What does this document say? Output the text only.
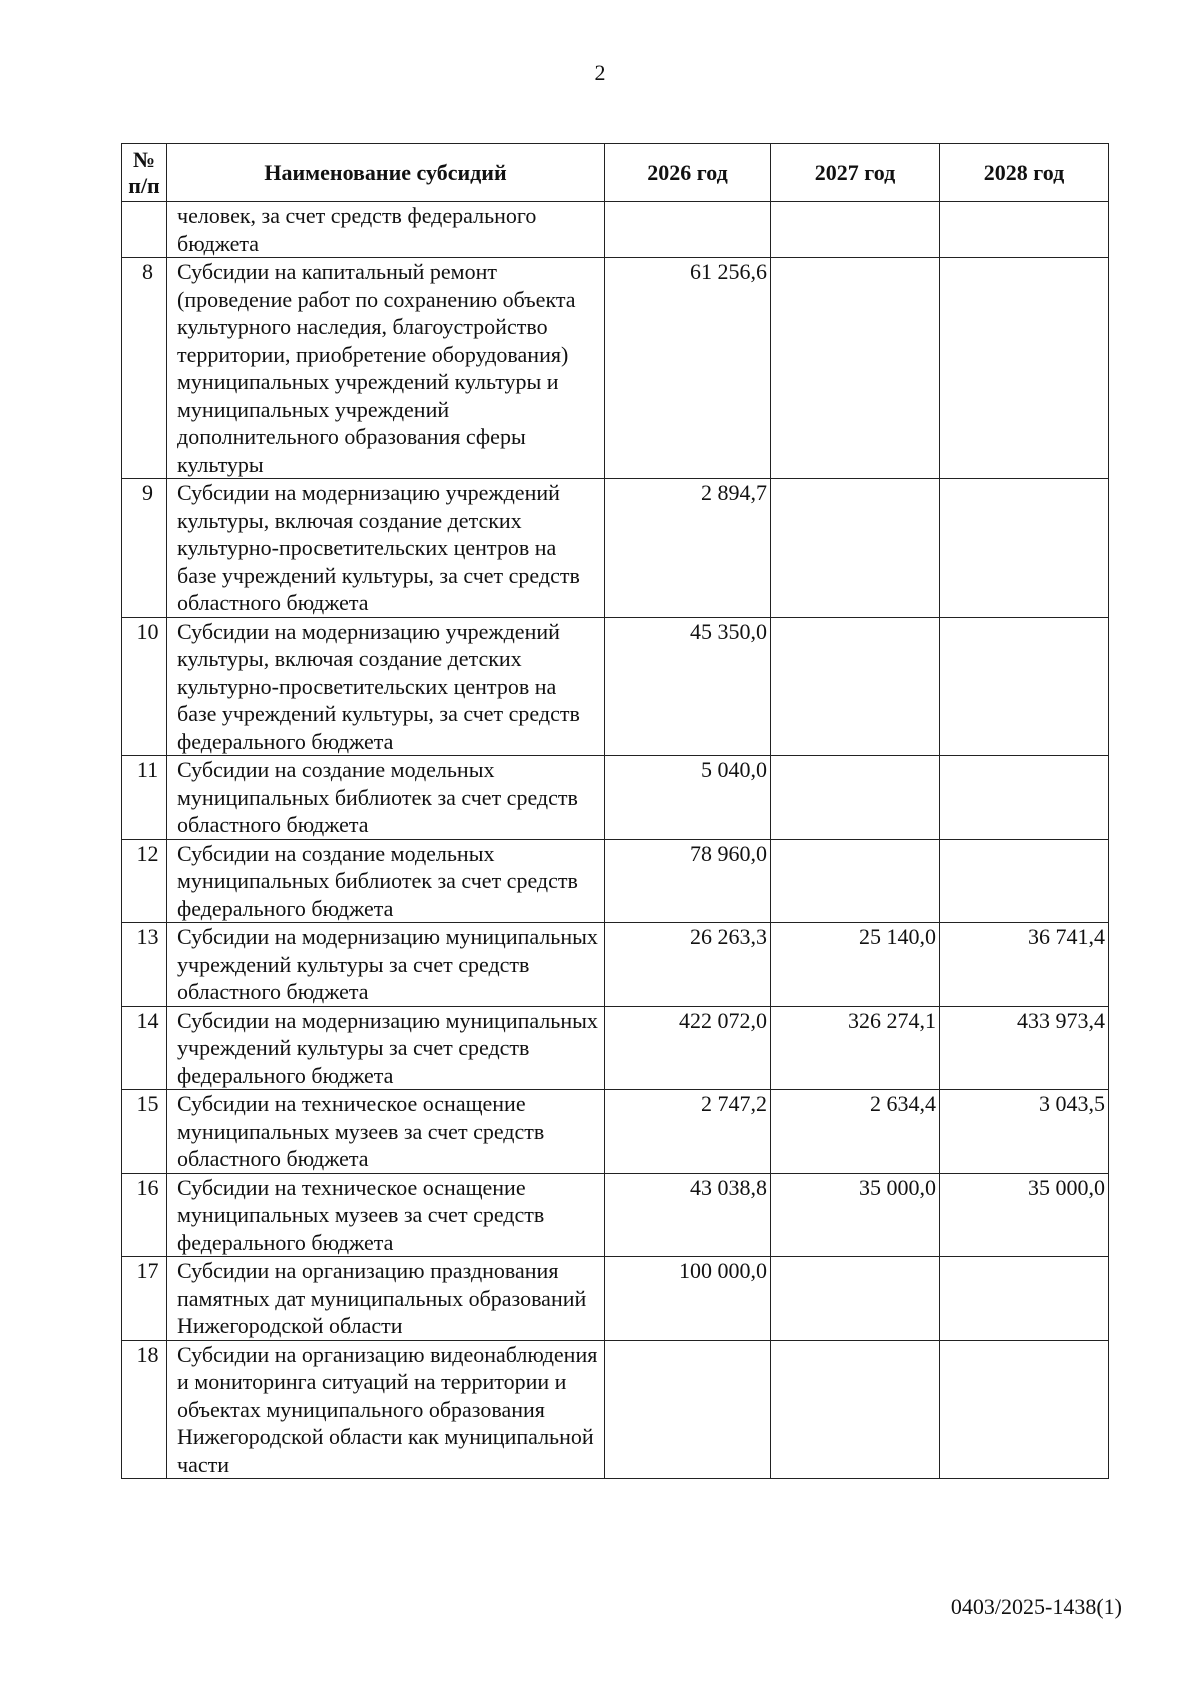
2
№ п/п	Наименование субсидий	2026 год	2027 год	2028 год
	человек, за счет средств федерального бюджета			
8	Субсидии на капитальный ремонт (проведение работ по сохранению объекта культурного наследия, благоустройство территории, приобретение оборудования) муниципальных учреждений культуры и муниципальных учреждений дополнительного образования сферы культуры	61 256,6		
9	Субсидии на модернизацию учреждений культуры, включая создание детских культурно-просветительских центров на базе учреждений культуры, за счет средств областного бюджета	2 894,7		
10	Субсидии на модернизацию учреждений культуры, включая создание детских культурно-просветительских центров на базе учреждений культуры, за счет средств федерального бюджета	45 350,0		
11	Субсидии на создание модельных муниципальных библиотек за счет средств областного бюджета	5 040,0		
12	Субсидии на создание модельных муниципальных библиотек за счет средств федерального бюджета	78 960,0		
13	Субсидии на модернизацию муниципальных учреждений культуры за счет средств областного бюджета	26 263,3	25 140,0	36 741,4
14	Субсидии на модернизацию муниципальных учреждений культуры за счет средств федерального бюджета	422 072,0	326 274,1	433 973,4
15	Субсидии на техническое оснащение муниципальных музеев за счет средств областного бюджета	2 747,2	2 634,4	3 043,5
16	Субсидии на техническое оснащение муниципальных музеев за счет средств федерального бюджета	43 038,8	35 000,0	35 000,0
17	Субсидии на организацию празднования памятных дат муниципальных образований Нижегородской области	100 000,0		
18	Субсидии на организацию видеонаблюдения и мониторинга ситуаций на территории и объектах муниципального образования Нижегородской области как муниципальной части			
0403/2025-1438(1)
